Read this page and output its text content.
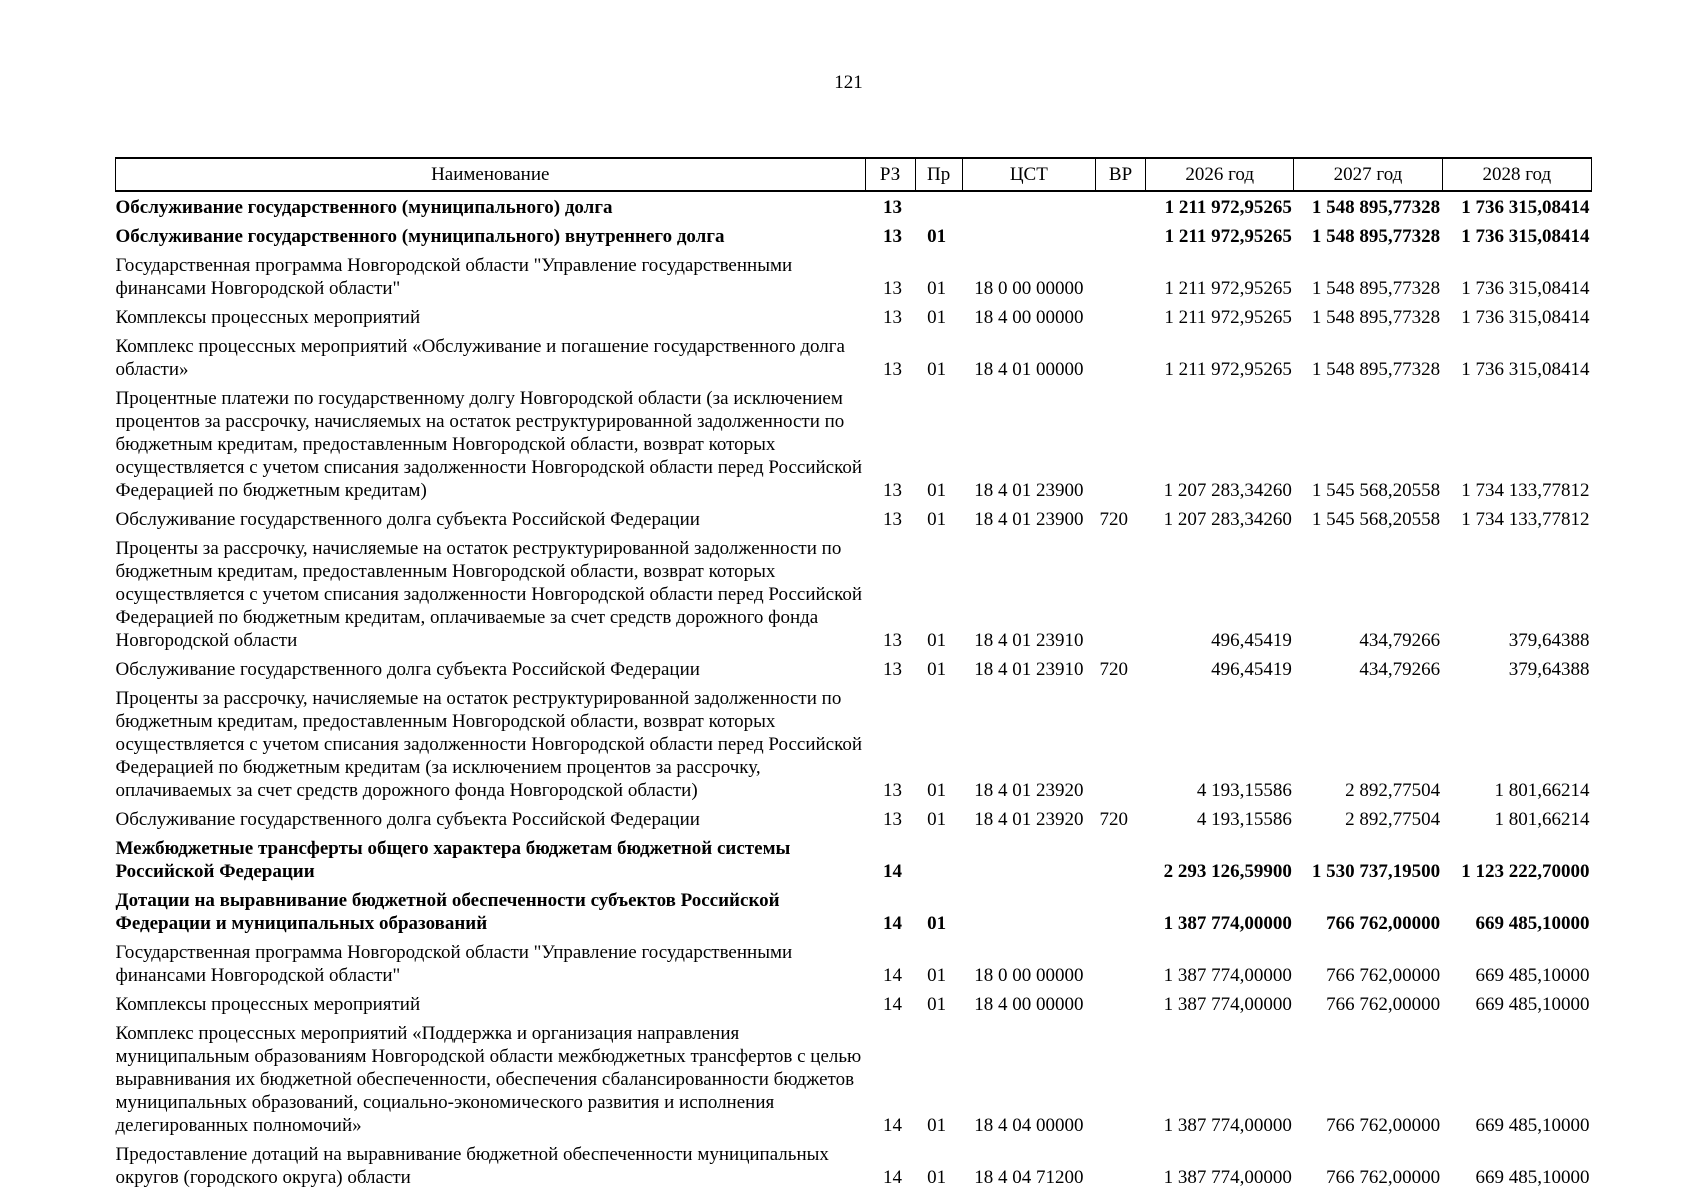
121
Наименование	РЗ	Пр	ЦСТ	ВР	2026 год	2027 год	2028 год
Обслуживание государственного (муниципального) долга	13				1 211 972,95265	1 548 895,77328	1 736 315,08414
Обслуживание государственного (муниципального) внутреннего долга	13	01			1 211 972,95265	1 548 895,77328	1 736 315,08414
Государственная программа Новгородской области "Управление государственными финансами Новгородской области"	13	01	18 0 00 00000		1 211 972,95265	1 548 895,77328	1 736 315,08414
Комплексы процессных мероприятий	13	01	18 4 00 00000		1 211 972,95265	1 548 895,77328	1 736 315,08414
Комплекс процессных мероприятий «Обслуживание и погашение государственного долга области»	13	01	18 4 01 00000		1 211 972,95265	1 548 895,77328	1 736 315,08414
Процентные платежи по государственному долгу Новгородской области (за исключением процентов за рассрочку, начисляемых на остаток реструктурированной задолженности по бюджетным кредитам, предоставленным Новгородской области, возврат которых осуществляется с учетом списания задолженности Новгородской области перед Российской Федерацией по бюджетным кредитам)	13	01	18 4 01 23900		1 207 283,34260	1 545 568,20558	1 734 133,77812
Обслуживание государственного долга субъекта Российской Федерации	13	01	18 4 01 23900	720	1 207 283,34260	1 545 568,20558	1 734 133,77812
Проценты за рассрочку, начисляемые на остаток реструктурированной задолженности по бюджетным кредитам, предоставленным Новгородской области, возврат которых осуществляется с учетом списания задолженности Новгородской области перед Российской Федерацией по бюджетным кредитам, оплачиваемые за счет средств дорожного фонда Новгородской области	13	01	18 4 01 23910		496,45419	434,79266	379,64388
Обслуживание государственного долга субъекта Российской Федерации	13	01	18 4 01 23910	720	496,45419	434,79266	379,64388
Проценты за рассрочку, начисляемые на остаток реструктурированной задолженности по бюджетным кредитам, предоставленным Новгородской области, возврат которых осуществляется с учетом списания задолженности Новгородской области перед Российской Федерацией по бюджетным кредитам (за исключением процентов за рассрочку, оплачиваемых за счет средств дорожного фонда Новгородской области)	13	01	18 4 01 23920		4 193,15586	2 892,77504	1 801,66214
Обслуживание государственного долга субъекта Российской Федерации	13	01	18 4 01 23920	720	4 193,15586	2 892,77504	1 801,66214
Межбюджетные трансферты общего характера бюджетам бюджетной системы Российской Федерации	14				2 293 126,59900	1 530 737,19500	1 123 222,70000
Дотации на выравнивание бюджетной обеспеченности субъектов Российской Федерации и муниципальных образований	14	01			1 387 774,00000	766 762,00000	669 485,10000
Государственная программа Новгородской области "Управление государственными финансами Новгородской области"	14	01	18 0 00 00000		1 387 774,00000	766 762,00000	669 485,10000
Комплексы процессных мероприятий	14	01	18 4 00 00000		1 387 774,00000	766 762,00000	669 485,10000
Комплекс процессных мероприятий «Поддержка и организация направления муниципальным образованиям Новгородской области межбюджетных трансфертов с целью выравнивания их бюджетной обеспеченности, обеспечения сбалансированности бюджетов муниципальных образований, социально-экономического развития и исполнения делегированных полномочий»	14	01	18 4 04 00000		1 387 774,00000	766 762,00000	669 485,10000
Предоставление дотаций на выравнивание бюджетной обеспеченности муниципальных округов (городского округа) области	14	01	18 4 04 71200		1 387 774,00000	766 762,00000	669 485,10000
